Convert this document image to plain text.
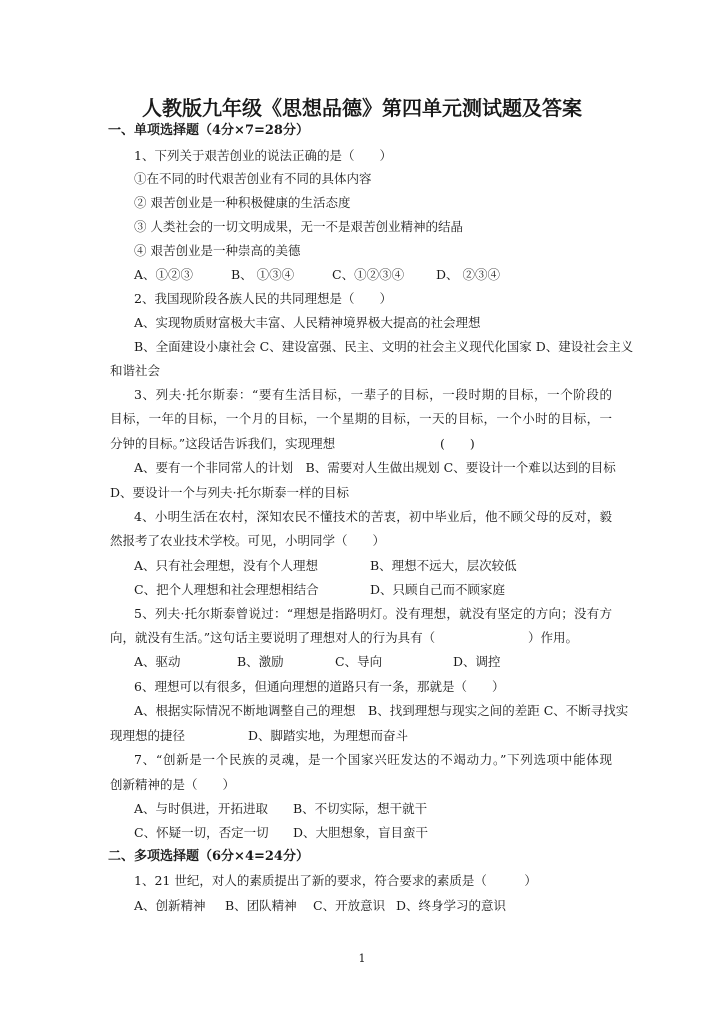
人教版九年级《思想品德》第四单元测试题及答案
一、单项选择题（4分×7=28分）
1、下列关于艰苦创业的说法正确的是（　　）
①在不同的时代艰苦创业有不同的具体内容
② 艰苦创业是一种积极健康的生活态度
③ 人类社会的一切文明成果，无一不是艰苦创业精神的结晶
④ 艰苦创业是一种崇高的美德
A、①②③	B、 ①③④	C、①②③④	D、 ②③④
2、我国现阶段各族人民的共同理想是（　　）
A、实现物质财富极大丰富、人民精神境界极大提高的社会理想
B、全面建设小康社会 C、建设富强、民主、文明的社会主义现代化国家 D、建设社会主义
和谐社会
3、列夫·托尔斯泰：“要有生活目标，一辈子的目标，一段时期的目标，一个阶段的
目标，一年的目标，一个月的目标，一个星期的目标，一天的目标，一个小时的目标，一
分钟的目标。”这段话告诉我们，实现理想	(　　)
A、要有一个非同常人的计划　B、需要对人生做出规划 C、要设计一个难以达到的目标
D、要设计一个与列夫·托尔斯泰一样的目标
4、小明生活在农村，深知农民不懂技术的苦衷，初中毕业后，他不顾父母的反对，毅
然报考了农业技术学校。可见，小明同学（　　）
A、只有社会理想，没有个人理想	B、理想不远大，层次较低
C、把个人理想和社会理想相结合	D、只顾自己而不顾家庭
5、列夫·托尔斯泰曾说过：“理想是指路明灯。没有理想，就没有坚定的方向；没有方
向，就没有生活。”这句话主要说明了理想对人的行为具有（	）作用。
A、驱动	B、激励	C、导向	D、调控
6、理想可以有很多，但通向理想的道路只有一条，那就是（　　）
A、根据实际情况不断地调整自己的理想　B、找到理想与现实之间的差距 C、不断寻找实
现理想的捷径	D、脚踏实地，为理想而奋斗
7、“创新是一个民族的灵魂，是一个国家兴旺发达的不竭动力。”下列选项中能体现
创新精神的是（　　）
A、与时俱进，开拓进取 B、不切实际，想干就干
C、怀疑一切，否定一切 D、大胆想象，盲目蛮干
二、多项选择题（6分×4=24分）
1、21 世纪，对人的素质提出了新的要求，符合要求的素质是（　　　）
A、创新精神 B、团队精神 C、开放意识 D、终身学习的意识
1
